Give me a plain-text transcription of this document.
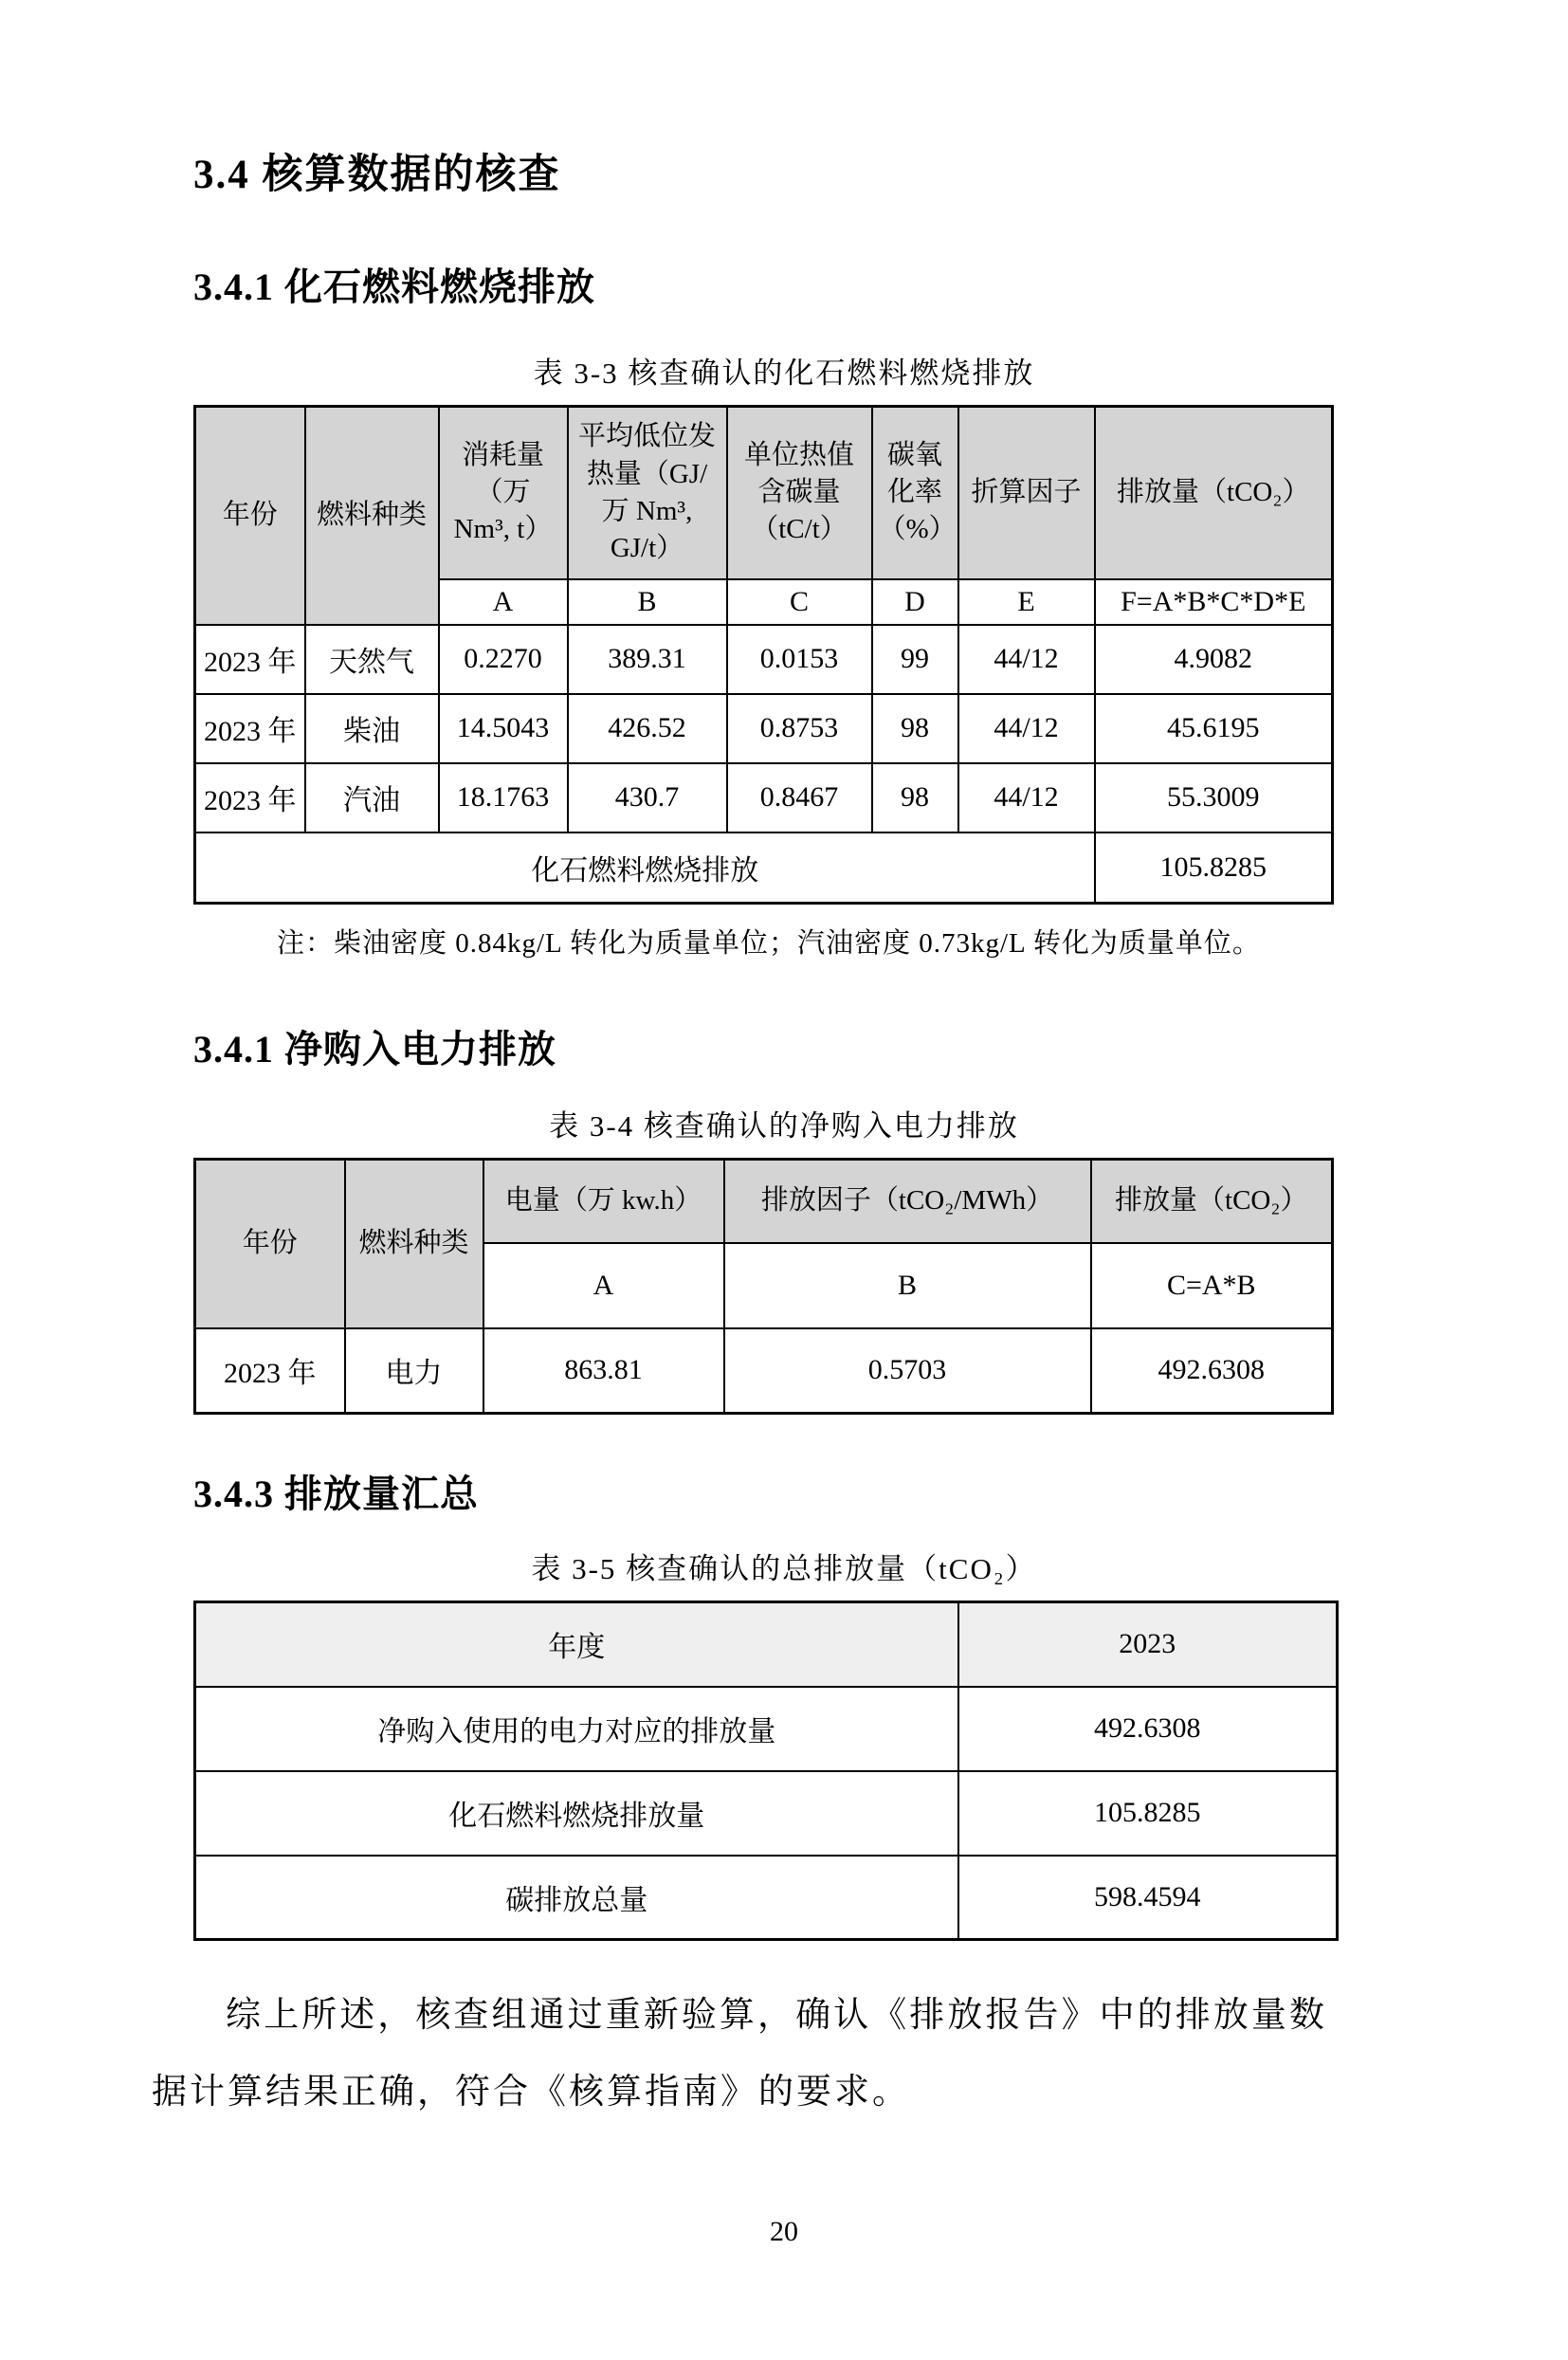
3.4 核算数据的核查
3.4.1 化石燃料燃烧排放
表 3-3 核查确认的化石燃料燃烧排放
年份	燃料种类	消耗量（万 Nm³, t）	平均低位发热量（GJ/万 Nm³, GJ/t）	单位热值含碳量（tC/t）	碳氧化率（%）	折算因子	排放量（tCO₂）
		A	B	C	D	E	F=A*B*C*D*E
2023 年	天然气	0.2270	389.31	0.0153	99	44/12	4.9082
2023 年	柴油	14.5043	426.52	0.8753	98	44/12	45.6195
2023 年	汽油	18.1763	430.7	0.8467	98	44/12	55.3009
化石燃料燃烧排放							105.8285
注：柴油密度 0.84kg/L 转化为质量单位；汽油密度 0.73kg/L 转化为质量单位。
3.4.1 净购入电力排放
表 3-4 核查确认的净购入电力排放
年份	燃料种类	电量（万 kw.h）	排放因子（tCO₂/MWh）	排放量（tCO₂）
		A	B	C=A*B
2023 年	电力	863.81	0.5703	492.6308
3.4.3 排放量汇总
表 3-5 核查确认的总排放量（tCO₂）
年度	2023
净购入使用的电力对应的排放量	492.6308
化石燃料燃烧排放量	105.8285
碳排放总量	598.4594
综上所述，核查组通过重新验算，确认《排放报告》中的排放量数据计算结果正确，符合《核算指南》的要求。
20
